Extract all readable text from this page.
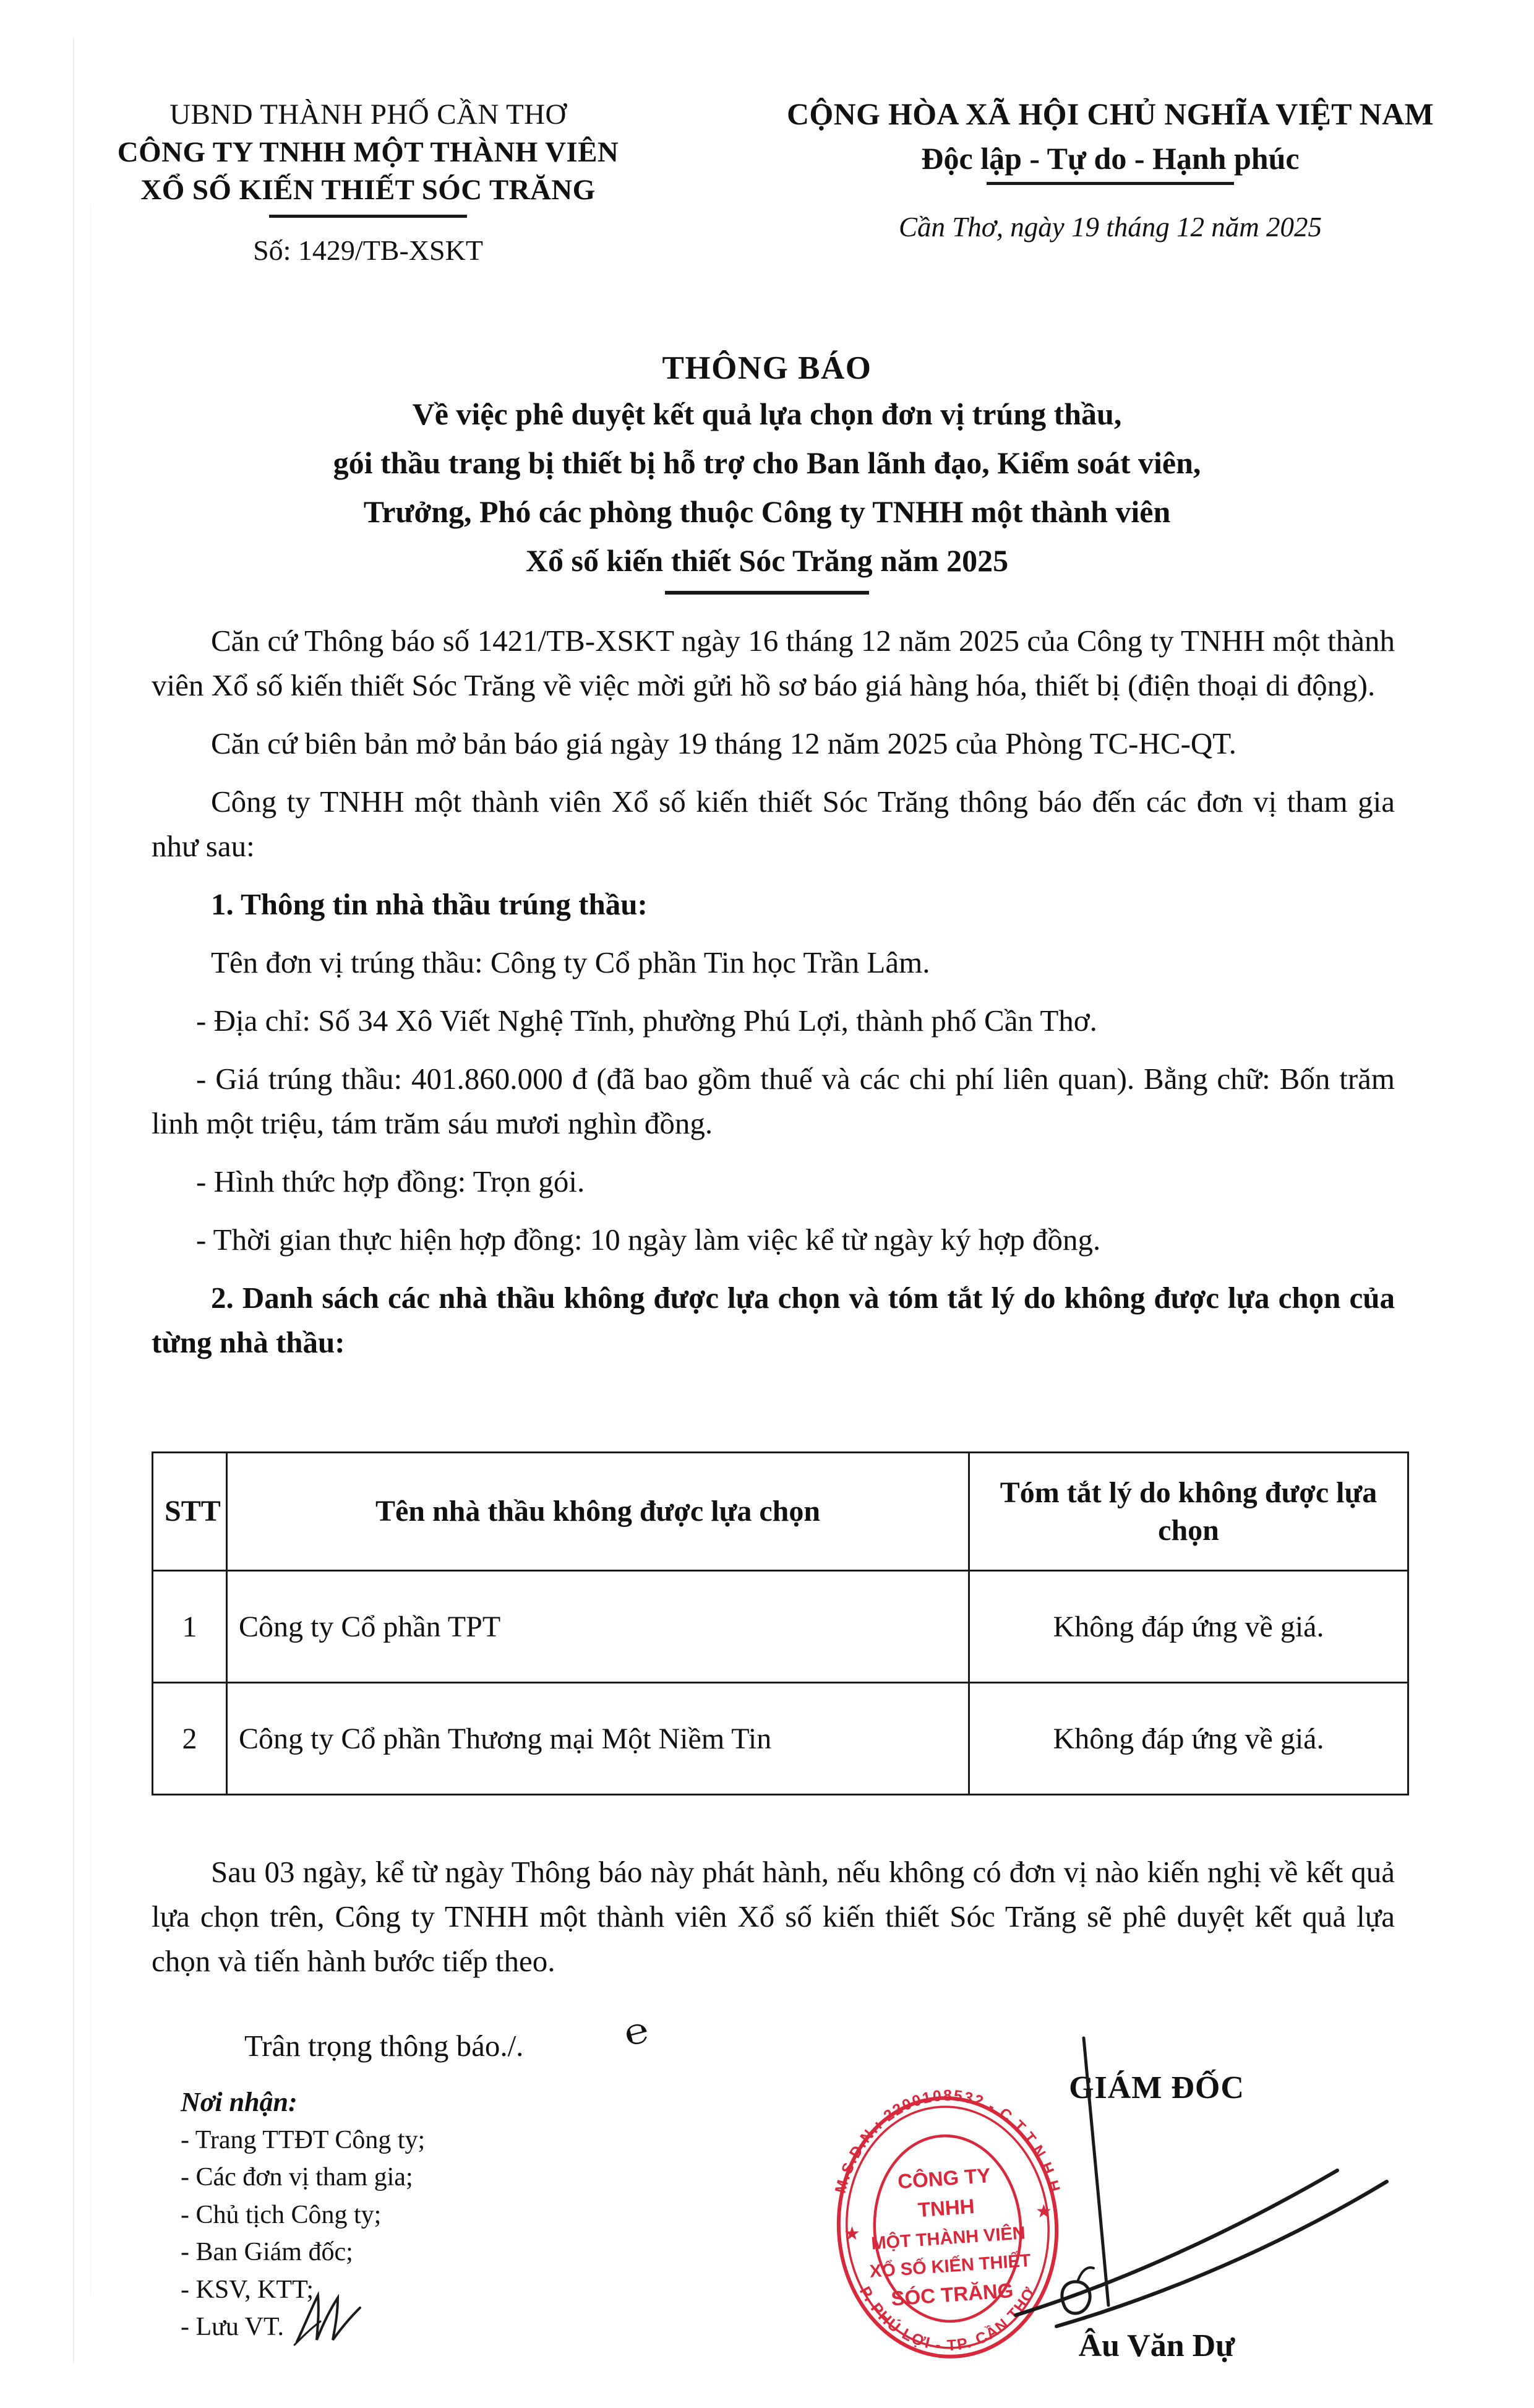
UBND THÀNH PHỐ CẦN THƠ
CÔNG TY TNHH MỘT THÀNH VIÊN
XỔ SỐ KIẾN THIẾT SÓC TRĂNG
Số: 1429/TB-XSKT
CỘNG HÒA XÃ HỘI CHỦ NGHĨA VIỆT NAM
Độc lập - Tự do - Hạnh phúc
Cần Thơ, ngày 19 tháng 12 năm 2025
THÔNG BÁO
Về việc phê duyệt kết quả lựa chọn đơn vị trúng thầu,
gói thầu trang bị thiết bị hỗ trợ cho Ban lãnh đạo, Kiểm soát viên,
Trưởng, Phó các phòng thuộc Công ty TNHH một thành viên
Xổ số kiến thiết Sóc Trăng năm 2025

Căn cứ Thông báo số 1421/TB-XSKT ngày 16 tháng 12 năm 2025 của Công ty TNHH một thành viên Xổ số kiến thiết Sóc Trăng về việc mời gửi hồ sơ báo giá hàng hóa, thiết bị (điện thoại di động).

Căn cứ biên bản mở bản báo giá ngày 19 tháng 12 năm 2025 của Phòng TC-HC-QT.

Công ty TNHH một thành viên Xổ số kiến thiết Sóc Trăng thông báo đến các đơn vị tham gia như sau:

1. Thông tin nhà thầu trúng thầu:

Tên đơn vị trúng thầu: Công ty Cổ phần Tin học Trần Lâm.

- Địa chỉ: Số 34 Xô Viết Nghệ Tĩnh, phường Phú Lợi, thành phố Cần Thơ.

- Giá trúng thầu: 401.860.000 đ (đã bao gồm thuế và các chi phí liên quan). Bằng chữ: Bốn trăm linh một triệu, tám trăm sáu mươi nghìn đồng.

- Hình thức hợp đồng: Trọn gói.

- Thời gian thực hiện hợp đồng: 10 ngày làm việc kể từ ngày ký hợp đồng.

2. Danh sách các nhà thầu không được lựa chọn và tóm tắt lý do không được lựa chọn của từng nhà thầu:

STT	Tên nhà thầu không được lựa chọn	Tóm tắt lý do không được lựa chọn
1	Công ty Cổ phần TPT	Không đáp ứng về giá.
2	Công ty Cổ phần Thương mại Một Niềm Tin	Không đáp ứng về giá.

Sau 03 ngày, kể từ ngày Thông báo này phát hành, nếu không có đơn vị nào kiến nghị về kết quả lựa chọn trên, Công ty TNHH một thành viên Xổ số kiến thiết Sóc Trăng sẽ phê duyệt kết quả lựa chọn và tiến hành bước tiếp theo.

Trân trọng thông báo./.	℮
Nơi nhận:
- Trang TTĐT Công ty;
- Các đơn vị tham gia;
- Chủ tịch Công ty;
- Ban Giám đốc;
- KSV, KTT;
- Lưu VT.
GIÁM ĐỐC
Âu Văn Dự
M.S.D.N.: 2200108532 - C.T.T.N.H.H
P. PHÚ LỢI - TP. CẦN THƠ
★
★
CÔNG TY
TNHH
MỘT THÀNH VIÊN
XỔ SỐ KIẾN THIẾT
SÓC TRĂNG
